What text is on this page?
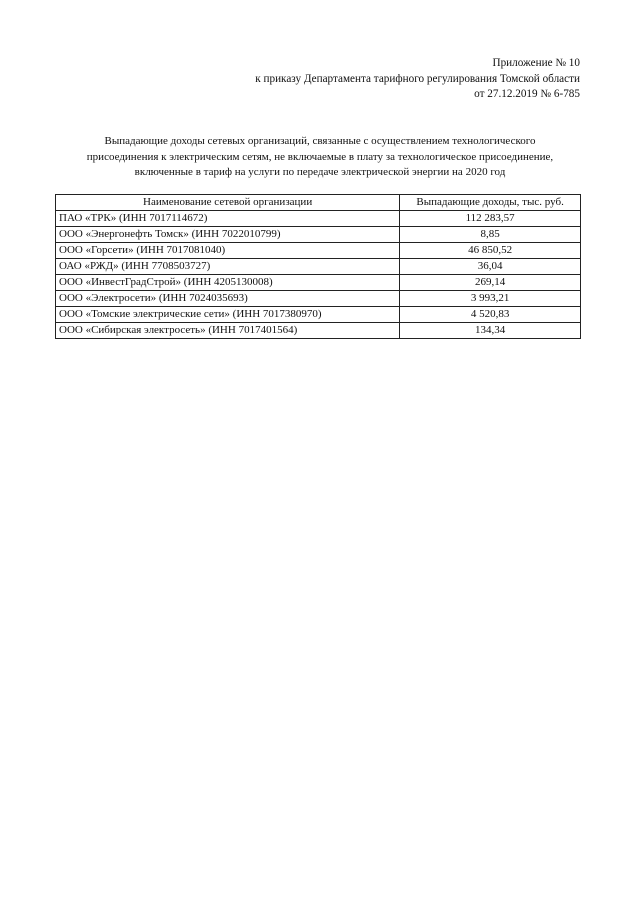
Приложение № 10
к приказу Департамента тарифного регулирования Томской области
от 27.12.2019 № 6-785
Выпадающие доходы сетевых организаций, связанные с осуществлением технологического
присоединения к электрическим сетям, не включаемые в плату за технологическое присоединение,
включенные в тариф на услуги по передаче электрической энергии на 2020 год
Наименование сетевой организации	Выпадающие доходы, тыс. руб.
ПАО «ТРК» (ИНН 7017114672)	112 283,57
ООО «Энергонефть Томск» (ИНН 7022010799)	8,85
ООО «Горсети» (ИНН 7017081040)	46 850,52
ОАО «РЖД» (ИНН 7708503727)	36,04
ООО «ИнвестГрадСтрой» (ИНН 4205130008)	269,14
ООО «Электросети» (ИНН 7024035693)	3 993,21
ООО «Томские электрические сети» (ИНН 7017380970)	4 520,83
ООО «Сибирская электросеть» (ИНН 7017401564)	134,34
